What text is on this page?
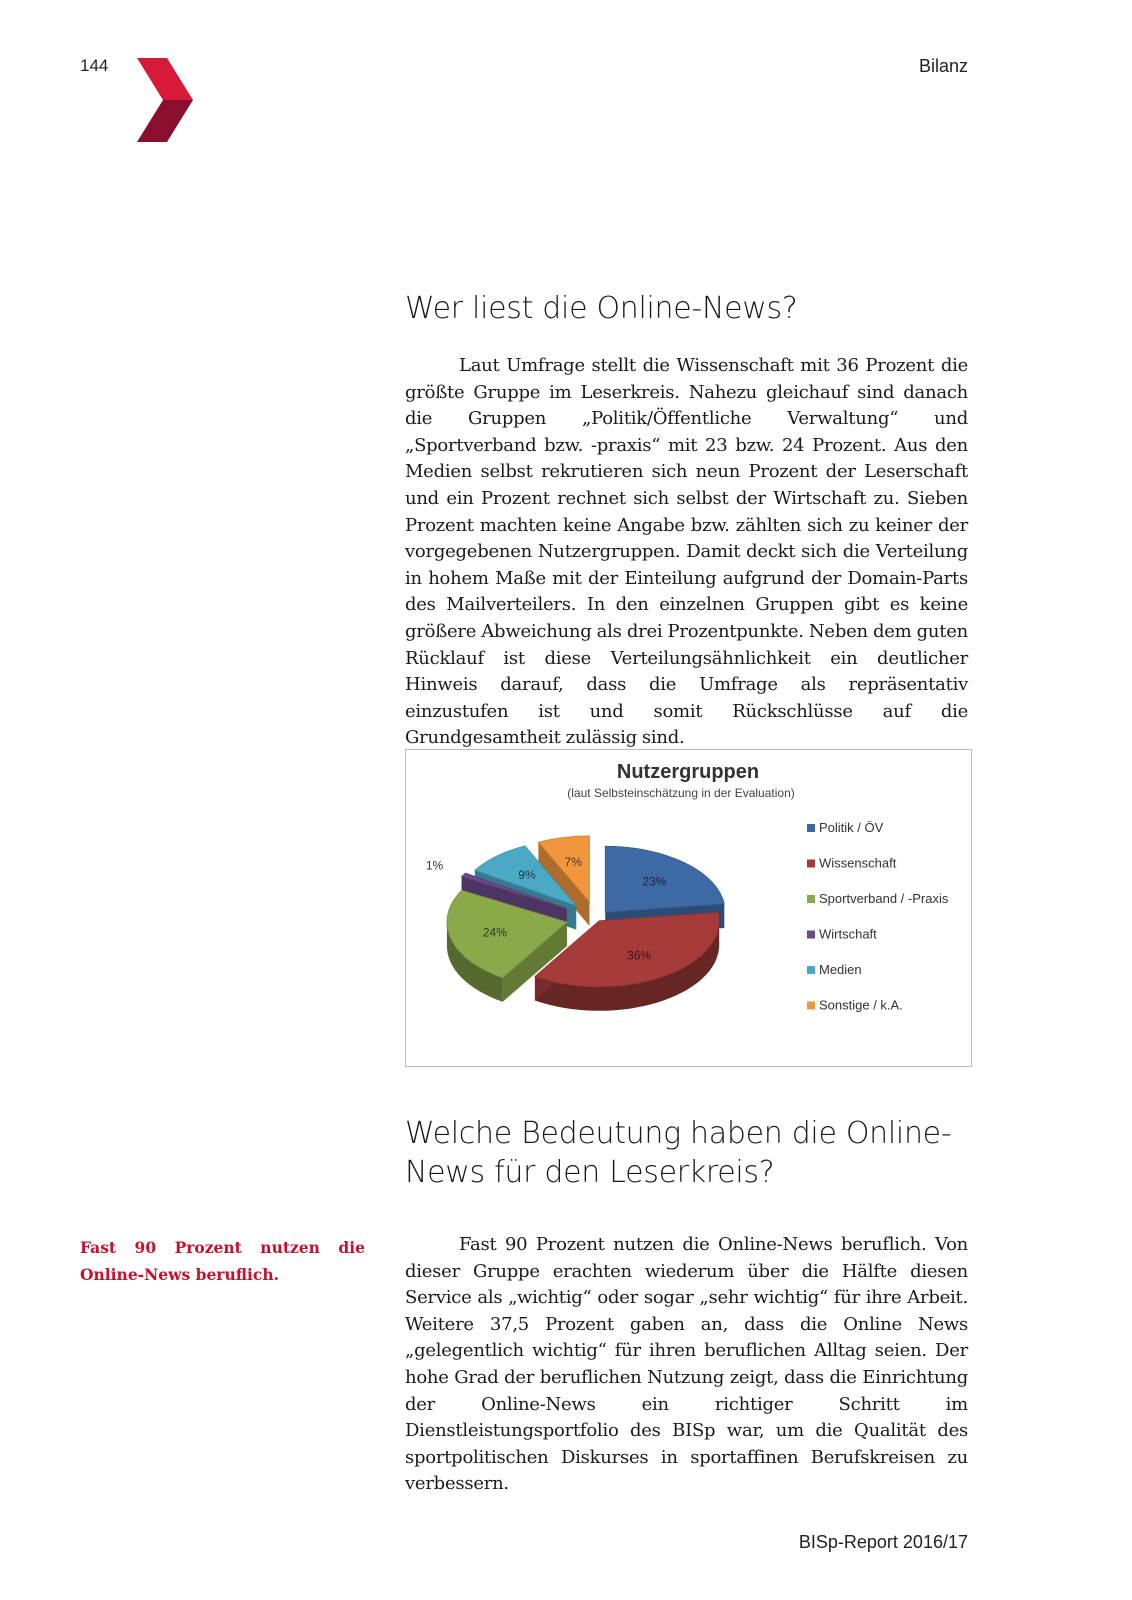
144	Bilanz
Wer liest die Online-News?

Laut Umfrage stellt die Wissenschaft mit 36 Prozent die größte Gruppe im Leserkreis. Nahezu gleichauf sind danach die Gruppen „Politik/Öffentliche Verwaltung“ und „Sportverband bzw. -praxis“ mit 23 bzw. 24 Prozent. Aus den Medien selbst rekrutieren sich neun Prozent der Leserschaft und ein Prozent rechnet sich selbst der Wirtschaft zu. Sieben Prozent machten keine Angabe bzw. zählten sich zu keiner der vorgegebenen Nutzergruppen. Damit deckt sich die Verteilung in hohem Maße mit der Einteilung aufgrund der Domain-Parts des Mailverteilers. In den einzelnen Gruppen gibt es keine größere Abweichung als drei Prozentpunkte. Neben dem guten Rücklauf ist diese Verteilungsähnlichkeit ein deutlicher Hinweis darauf, dass die Umfrage als repräsentativ einzustufen ist und somit Rückschlüsse auf die Grundgesamtheit zulässig sind.

Nutzergruppen
(laut Selbsteinschätzung in der Evaluation)
23%
36%
24%
1%
9%
7%
Politik / ÖV
Wissenschaft
Sportverband / -Praxis
Wirtschaft
Medien
Sonstige / k.A.
Welche Bedeutung haben die Online-
News für den Leserkreis?
Fast 90 Prozent nutzen die Online-News beruflich.

Fast 90 Prozent nutzen die Online-News beruflich. Von dieser Gruppe erachten wiederum über die Hälfte diesen Service als „wichtig“ oder sogar „sehr wichtig“ für ihre Arbeit. Weitere 37,5 Prozent gaben an, dass die Online News „gelegentlich wichtig“ für ihren beruflichen Alltag seien. Der hohe Grad der beruflichen Nutzung zeigt, dass die Einrichtung der Online-News ein richtiger Schritt im Dienstleistungsportfolio des BISp war, um die Qualität des sportpolitischen Diskurses in sportaffinen Berufskreisen zu verbessern.

BISp-Report 2016/17
